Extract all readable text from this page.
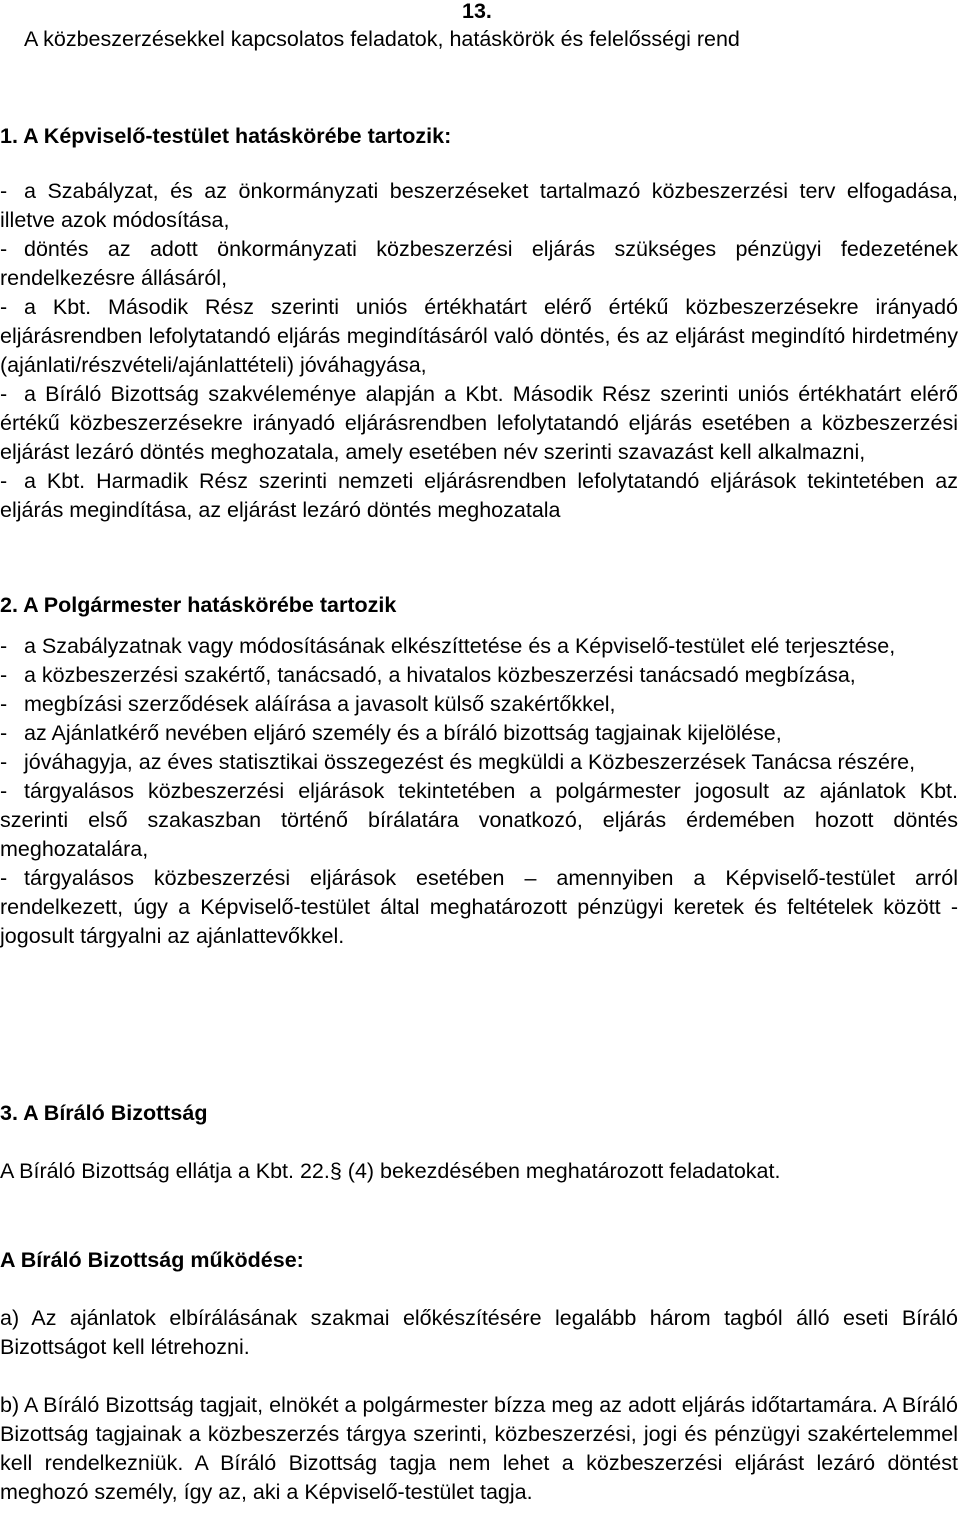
13.
A közbeszerzésekkel kapcsolatos feladatok, hatáskörök és felelősségi rend
1. A Képviselő-testület hatáskörébe tartozik:
- a Szabályzat, és az önkormányzati beszerzéseket tartalmazó közbeszerzési terv elfogadása, illetve azok módosítása,
- döntés az adott önkormányzati közbeszerzési eljárás szükséges pénzügyi fedezetének rendelkezésre állásáról,
- a Kbt. Második Rész szerinti uniós értékhatárt elérő értékű közbeszerzésekre irányadó eljárásrendben lefolytatandó eljárás megindításáról való döntés, és az eljárást megindító hirdetmény (ajánlati/részvételi/ajánlattételi) jóváhagyása,
- a Bíráló Bizottság szakvéleménye alapján a Kbt. Második Rész szerinti uniós értékhatárt elérő értékű közbeszerzésekre irányadó eljárásrendben lefolytatandó eljárás esetében a közbeszerzési eljárást lezáró döntés meghozatala, amely esetében név szerinti szavazást kell alkalmazni,
- a Kbt. Harmadik Rész szerinti nemzeti eljárásrendben lefolytatandó eljárások tekintetében az eljárás megindítása, az eljárást lezáró döntés meghozatala
2. A Polgármester hatáskörébe tartozik
- a Szabályzatnak vagy módosításának elkészíttetése és a Képviselő-testület elé terjesztése,
- a közbeszerzési szakértő, tanácsadó, a hivatalos közbeszerzési tanácsadó megbízása,
- megbízási szerződések aláírása a javasolt külső szakértőkkel,
- az Ajánlatkérő nevében eljáró személy és a bíráló bizottság tagjainak kijelölése,
- jóváhagyja, az éves statisztikai összegezést és megküldi a Közbeszerzések Tanácsa részére,
- tárgyalásos közbeszerzési eljárások tekintetében a polgármester jogosult az ajánlatok Kbt. szerinti első szakaszban történő bírálatára vonatkozó, eljárás érdemében hozott döntés meghozatalára,
- tárgyalásos közbeszerzési eljárások esetében – amennyiben a Képviselő-testület arról rendelkezett, úgy a Képviselő-testület által meghatározott pénzügyi keretek és feltételek között - jogosult tárgyalni az ajánlattevőkkel.
3. A Bíráló Bizottság

A Bíráló Bizottság ellátja a Kbt. 22.§ (4) bekezdésében meghatározott feladatokat.

A Bíráló Bizottság működése:

a) Az ajánlatok elbírálásának szakmai előkészítésére legalább három tagból álló eseti Bíráló Bizottságot kell létrehozni.

b) A Bíráló Bizottság tagjait, elnökét a polgármester bízza meg az adott eljárás időtartamára. A Bíráló Bizottság tagjainak a közbeszerzés tárgya szerinti, közbeszerzési, jogi és pénzügyi szakértelemmel kell rendelkezniük. A Bíráló Bizottság tagja nem lehet a közbeszerzési eljárást lezáró döntést meghozó személy, így az, aki a Képviselő-testület tagja.
